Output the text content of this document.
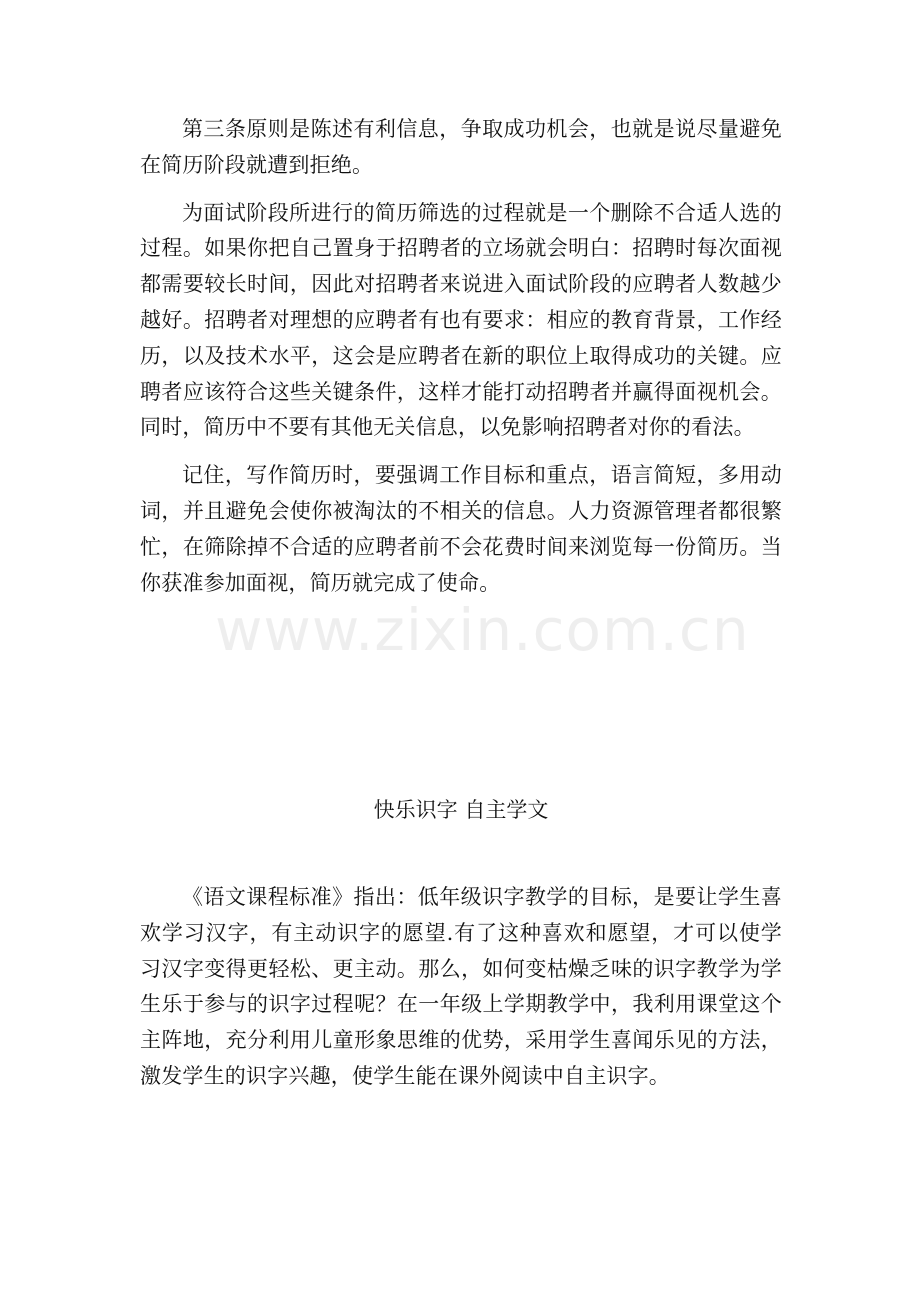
第三条原则是陈述有利信息，争取成功机会，也就是说尽量避免在简历阶段就遭到拒绝。

为面试阶段所进行的简历筛选的过程就是一个删除不合适人选的过程。如果你把自己置身于招聘者的立场就会明白：招聘时每次面视都需要较长时间，因此对招聘者来说进入面试阶段的应聘者人数越少越好。招聘者对理想的应聘者有也有要求：相应的教育背景，工作经历，以及技术水平，这会是应聘者在新的职位上取得成功的关键。应聘者应该符合这些关键条件，这样才能打动招聘者并赢得面视机会。同时，简历中不要有其他无关信息，以免影响招聘者对你的看法。

记住，写作简历时，要强调工作目标和重点，语言简短，多用动词，并且避免会使你被淘汰的不相关的信息。人力资源管理者都很繁忙，在筛除掉不合适的应聘者前不会花费时间来浏览每一份简历。当你获准参加面视，简历就完成了使命。

www.zixin.com.cn
快乐识字 自主学文

《语文课程标准》指出：低年级识字教学的目标，是要让学生喜欢学习汉字，有主动识字的愿望.有了这种喜欢和愿望，才可以使学习汉字变得更轻松、更主动。那么，如何变枯燥乏味的识字教学为学生乐于参与的识字过程呢？在一年级上学期教学中，我利用课堂这个主阵地，充分利用儿童形象思维的优势，采用学生喜闻乐见的方法，激发学生的识字兴趣，使学生能在课外阅读中自主识字。
